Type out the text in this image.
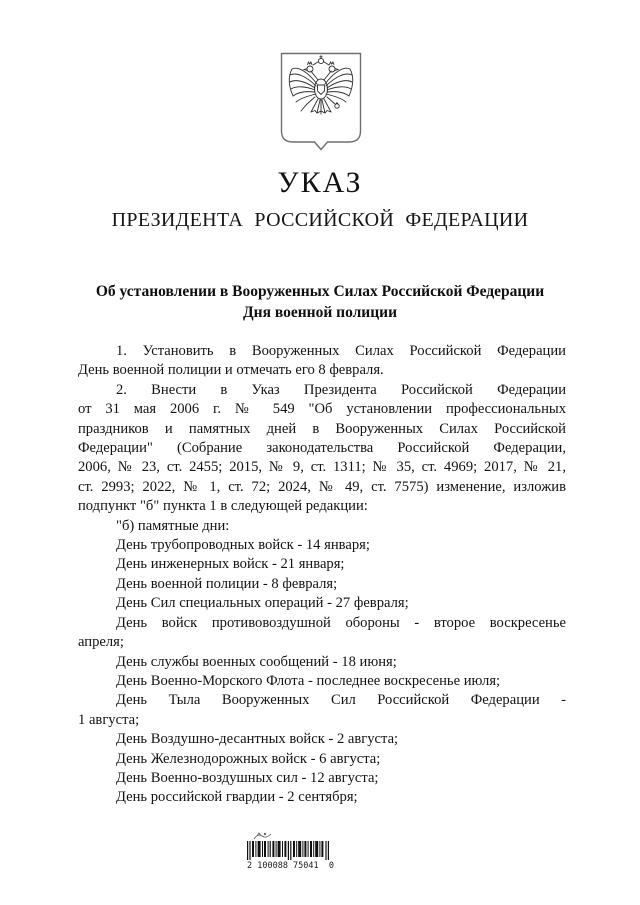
УКАЗ
ПРЕЗИДЕНТА РОССИЙСКОЙ ФЕДЕРАЦИИ
Об установлении в Вооруженных Силах Российской Федерации
Дня военной полиции
1. Установить в Вооруженных Силах Российской Федерации
День военной полиции и отмечать его 8 февраля.
2. Внести в Указ Президента Российской Федерации
от 31 мая 2006 г. № 549 "Об установлении профессиональных
праздников и памятных дней в Вооруженных Силах Российской
Федерации" (Собрание законодательства Российской Федерации,
2006, № 23, ст. 2455; 2015, № 9, ст. 1311; № 35, ст. 4969; 2017, № 21,
ст. 2993; 2022, № 1, ст. 72; 2024, № 49, ст. 7575) изменение, изложив
подпункт "б" пункта 1 в следующей редакции:
"б) памятные дни:
День трубопроводных войск - 14 января;
День инженерных войск - 21 января;
День военной полиции - 8 февраля;
День Сил специальных операций - 27 февраля;
День войск противовоздушной обороны - второе воскресенье
апреля;
День службы военных сообщений - 18 июня;
День Военно-Морского Флота - последнее воскресенье июля;
День Тыла Вооруженных Сил Российской Федерации -
1 августа;
День Воздушно-десантных войск - 2 августа;
День Железнодорожных войск - 6 августа;
День Военно-воздушных сил - 12 августа;
День российской гвардии - 2 сентября;
2 100088 75041  0
